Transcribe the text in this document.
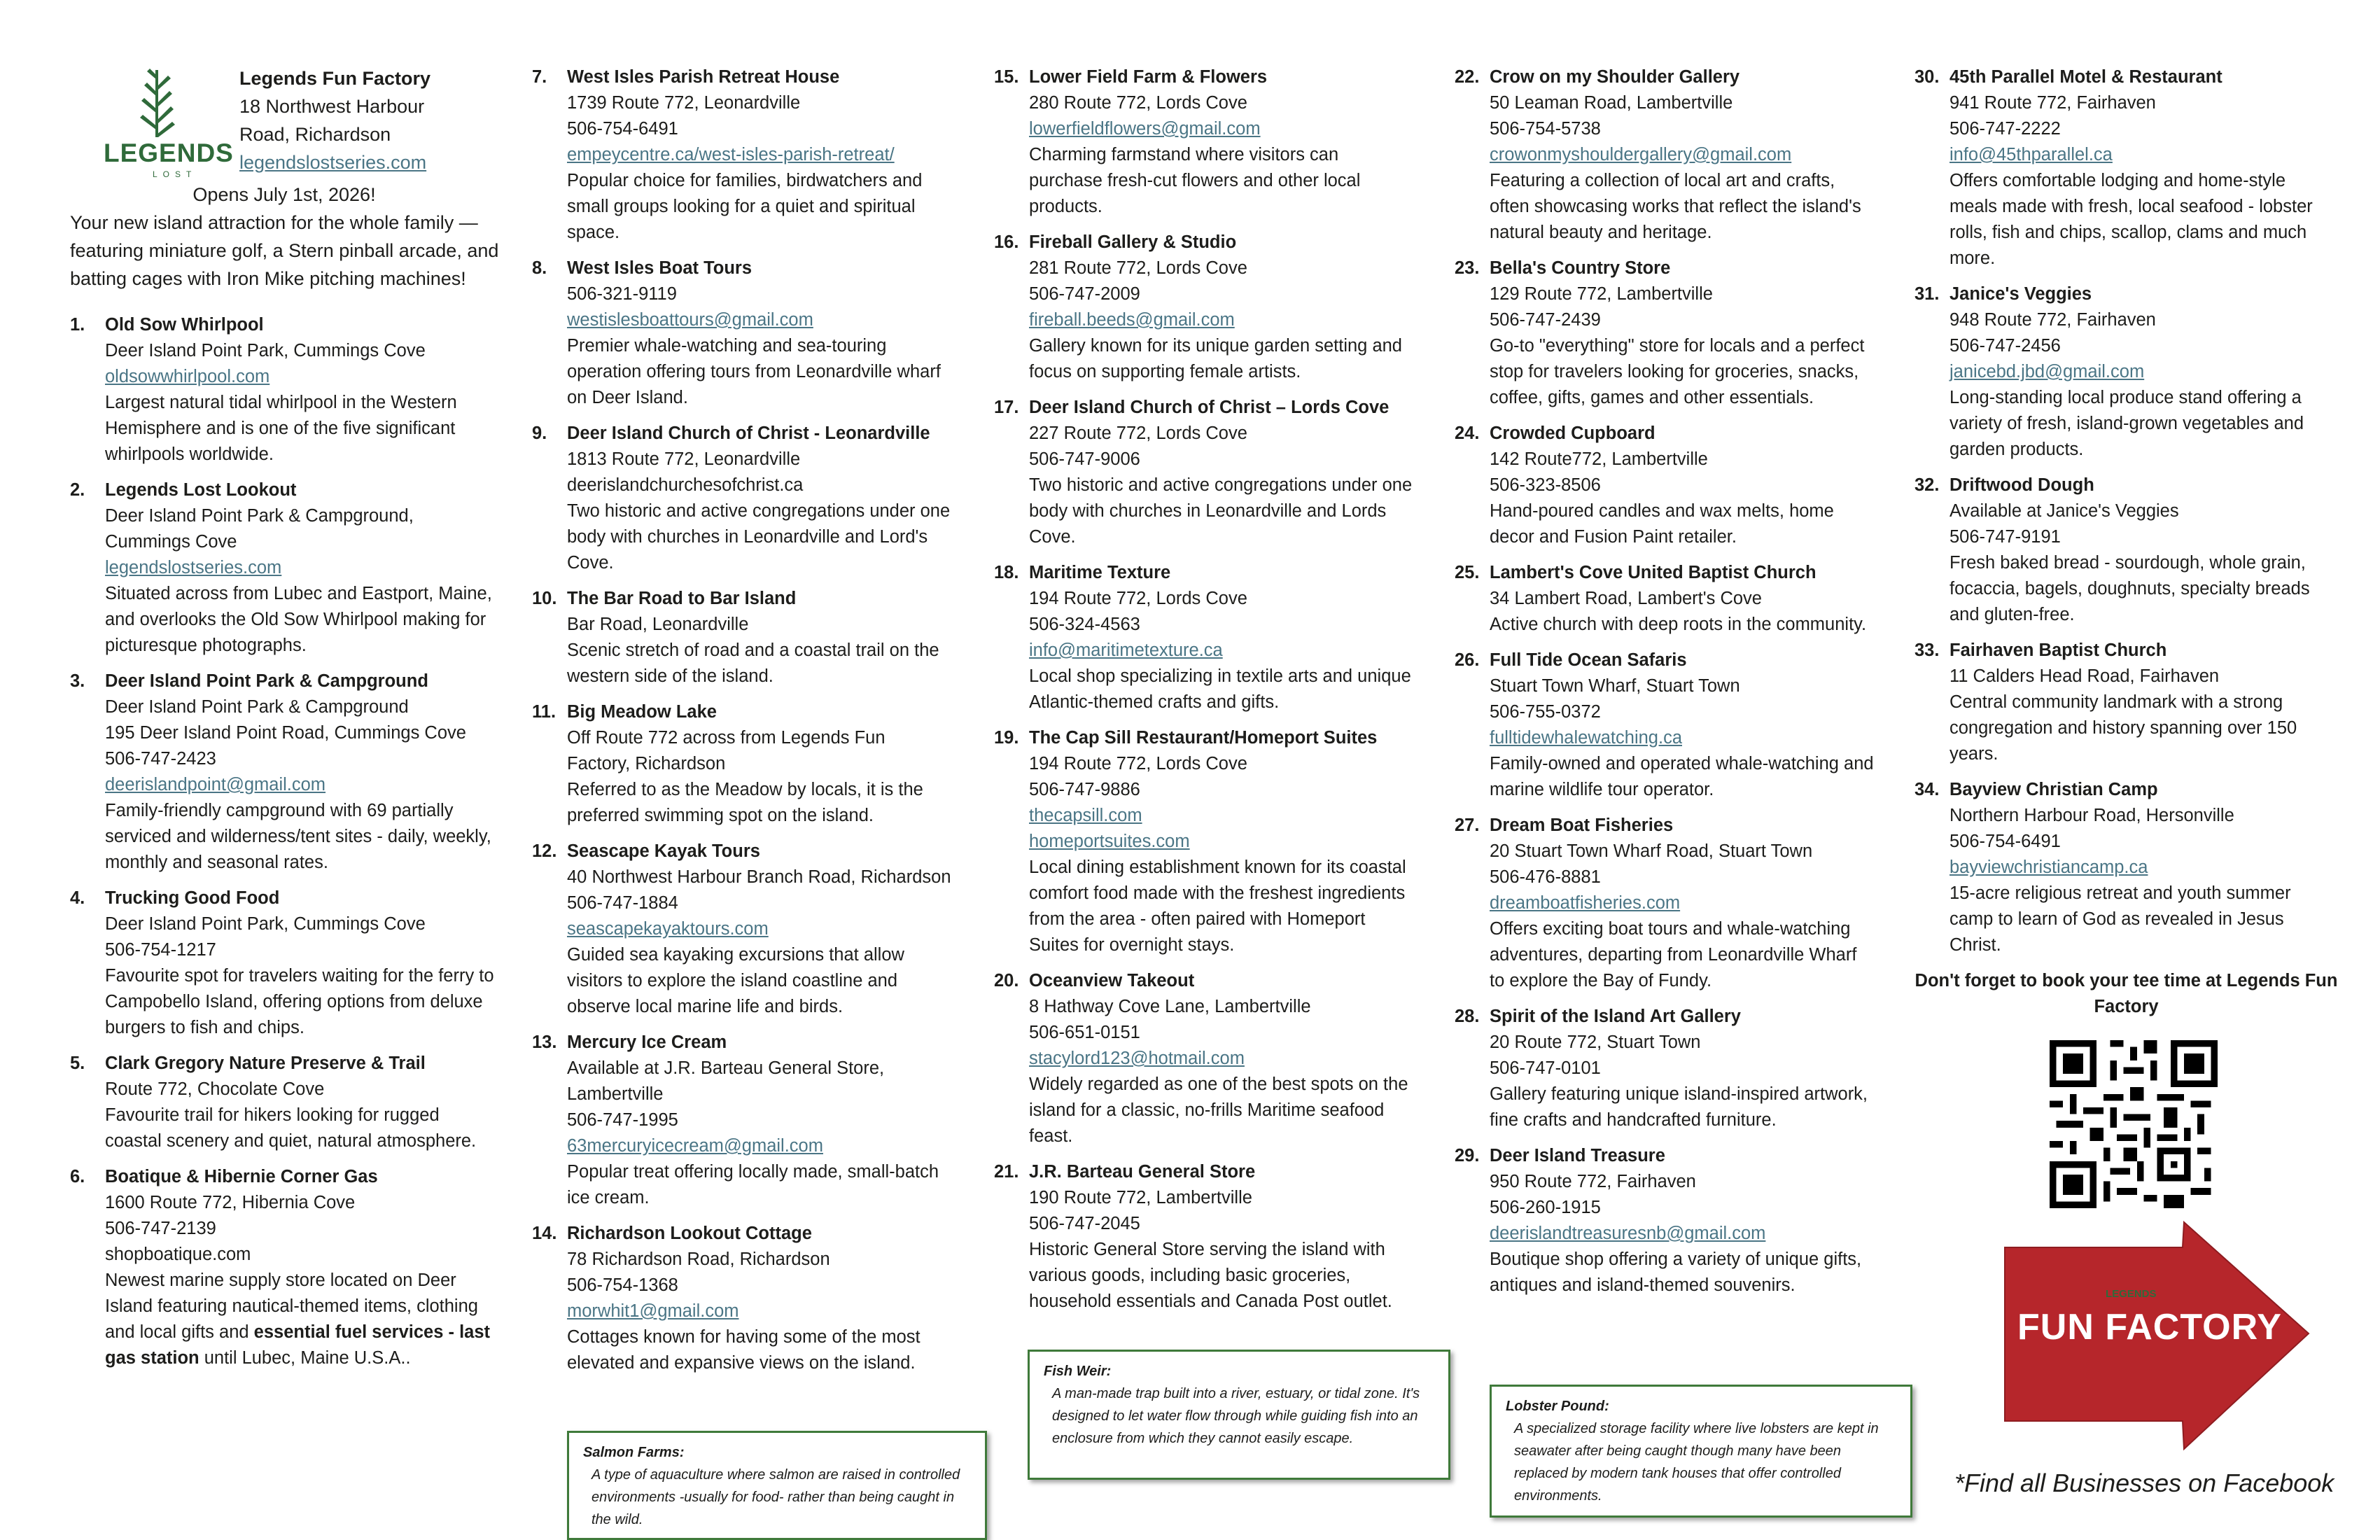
LEGENDS
LOST
Legends Fun Factory
18 Northwest Harbour
Road, Richardson
legendslostseries.com
Opens July 1st, 2026!

Your new island attraction for the whole family — featuring miniature golf, a Stern pinball arcade, and batting cages with Iron Mike pitching machines!

1. Old Sow Whirlpool
Deer Island Point Park, Cummings Cove
oldsowwhirlpool.com

Largest natural tidal whirlpool in the Western Hemisphere and is one of the five significant whirlpools worldwide.

2. Legends Lost Lookout
Deer Island Point Park & Campground, Cummings Cove
legendslostseries.com

Situated across from Lubec and Eastport, Maine, and overlooks the Old Sow Whirlpool making for picturesque photographs.

3. Deer Island Point Park & Campground
Deer Island Point Park & Campground
195 Deer Island Point Road, Cummings Cove
506-747-2423
deerislandpoint@gmail.com

Family-friendly campground with 69 partially serviced and wilderness/tent sites - daily, weekly, monthly and seasonal rates.

4. Trucking Good Food
Deer Island Point Park, Cummings Cove
506-754-1217

Favourite spot for travelers waiting for the ferry to Campobello Island, offering options from deluxe burgers to fish and chips.

5. Clark Gregory Nature Preserve & Trail
Route 772, Chocolate Cove

Favourite trail for hikers looking for rugged coastal scenery and quiet, natural atmosphere.

6. Boatique & Hibernie Corner Gas
1600 Route 772, Hibernia Cove
506-747-2139
shopboatique.com

Newest marine supply store located on Deer Island featuring nautical-themed items, clothing and local gifts and essential fuel services - last gas station until Lubec, Maine U.S.A..

7. West Isles Parish Retreat House
1739 Route 772, Leonardville
506-754-6491
empeycentre.ca/west-isles-parish-retreat/

Popular choice for families, birdwatchers and small groups looking for a quiet and spiritual space.

8. West Isles Boat Tours
506-321-9119
westislesboattours@gmail.com

Premier whale-watching and sea-touring operation offering tours from Leonardville wharf on Deer Island.

9. Deer Island Church of Christ - Leonardville
1813 Route 772, Leonardville
deerislandchurchesofchrist.ca

Two historic and active congregations under one body with churches in Leonardville and Lord's Cove.

10. The Bar Road to Bar Island
Bar Road, Leonardville

Scenic stretch of road and a coastal trail on the western side of the island.

11. Big Meadow Lake
Off Route 772 across from Legends Fun Factory, Richardson

Referred to as the Meadow by locals, it is the preferred swimming spot on the island.

12. Seascape Kayak Tours
40 Northwest Harbour Branch Road, Richardson
506-747-1884
seascapekayaktours.com

Guided sea kayaking excursions that allow visitors to explore the island coastline and observe local marine life and birds.

13. Mercury Ice Cream
Available at J.R. Barteau General Store, Lambertville
506-747-1995
63mercuryicecream@gmail.com

Popular treat offering locally made, small-batch ice cream.

14. Richardson Lookout Cottage
78 Richardson Road, Richardson
506-754-1368
morwhit1@gmail.com

Cottages known for having some of the most elevated and expansive views on the island.

15. Lower Field Farm & Flowers
280 Route 772, Lords Cove
lowerfieldflowers@gmail.com

Charming farmstand where visitors can purchase fresh-cut flowers and other local products.

16. Fireball Gallery & Studio
281 Route 772, Lords Cove
506-747-2009
fireball.beeds@gmail.com

Gallery known for its unique garden setting and focus on supporting female artists.

17. Deer Island Church of Christ – Lords Cove
227 Route 772, Lords Cove
506-747-9006

Two historic and active congregations under one body with churches in Leonardville and Lords Cove.

18. Maritime Texture
194 Route 772, Lords Cove
506-324-4563
info@maritimetexture.ca

Local shop specializing in textile arts and unique Atlantic-themed crafts and gifts.

19. The Cap Sill Restaurant/Homeport Suites
194 Route 772, Lords Cove
506-747-9886
thecapsill.com
homeportsuites.com

Local dining establishment known for its coastal comfort food made with the freshest ingredients from the area - often paired with Homeport Suites for overnight stays.

20. Oceanview Takeout
8 Hathway Cove Lane, Lambertville
506-651-0151
stacylord123@hotmail.com

Widely regarded as one of the best spots on the island for a classic, no-frills Maritime seafood feast.

21. J.R. Barteau General Store
190 Route 772, Lambertville
506-747-2045

Historic General Store serving the island with various goods, including basic groceries, household essentials and Canada Post outlet.

22. Crow on my Shoulder Gallery
50 Leaman Road, Lambertville
506-754-5738
crowonmyshouldergallery@gmail.com

Featuring a collection of local art and crafts, often showcasing works that reflect the island's natural beauty and heritage.

23. Bella's Country Store
129 Route 772, Lambertville
506-747-2439

Go-to "everything" store for locals and a perfect stop for travelers looking for groceries, snacks, coffee, gifts, games and other essentials.

24. Crowded Cupboard
142 Route772, Lambertville
506-323-8506

Hand-poured candles and wax melts, home decor and Fusion Paint retailer.

25. Lambert's Cove United Baptist Church
34 Lambert Road, Lambert's Cove

Active church with deep roots in the community.

26. Full Tide Ocean Safaris
Stuart Town Wharf, Stuart Town
506-755-0372
fulltidewhalewatching.ca

Family-owned and operated whale-watching and marine wildlife tour operator.

27. Dream Boat Fisheries
20 Stuart Town Wharf Road, Stuart Town
506-476-8881
dreamboatfisheries.com

Offers exciting boat tours and whale-watching adventures, departing from Leonardville Wharf to explore the Bay of Fundy.

28. Spirit of the Island Art Gallery
20 Route 772, Stuart Town
506-747-0101

Gallery featuring unique island-inspired artwork, fine crafts and handcrafted furniture.

29. Deer Island Treasure
950 Route 772, Fairhaven
506-260-1915
deerislandtreasuresnb@gmail.com

Boutique shop offering a variety of unique gifts, antiques and island-themed souvenirs.

30. 45th Parallel Motel & Restaurant
941 Route 772, Fairhaven
506-747-2222
info@45thparallel.ca

Offers comfortable lodging and home-style meals made with fresh, local seafood - lobster rolls, fish and chips, scallop, clams and much more.

31. Janice's Veggies
948 Route 772, Fairhaven
506-747-2456
janicebd.jbd@gmail.com

Long-standing local produce stand offering a variety of fresh, island-grown vegetables and garden products.

32. Driftwood Dough
Available at Janice's Veggies
506-747-9191

Fresh baked bread - sourdough, whole grain, focaccia, bagels, doughnuts, specialty breads and gluten-free.

33. Fairhaven Baptist Church
11 Calders Head Road, Fairhaven

Central community landmark with a strong congregation and history spanning over 150 years.

34. Bayview Christian Camp
Northern Harbour Road, Hersonville
506-754-6491
bayviewchristiancamp.ca

15-acre religious retreat and youth summer camp to learn of God as revealed in Jesus Christ.

Don't forget to book your tee time at Legends Fun Factory
Salmon Farms:
A type of aquaculture where salmon are raised in controlled environments -usually for food- rather than being caught in the wild.
Fish Weir:
A man-made trap built into a river, estuary, or tidal zone. It's designed to let water flow through while guiding fish into an enclosure from which they cannot easily escape.
Lobster Pound:
A specialized storage facility where live lobsters are kept in seawater after being caught though many have been replaced by modern tank houses that offer controlled environments.
LEGENDS
FUN FACTORY
*Find all Businesses on Facebook
